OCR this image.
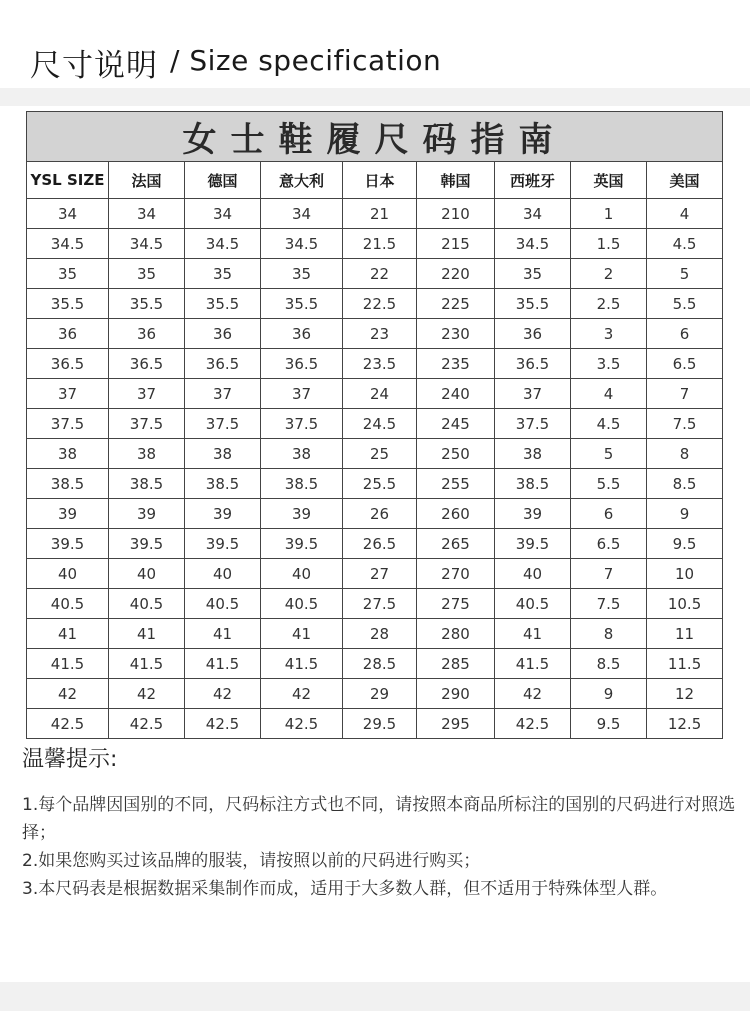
尺寸说明 / Size specification
女士鞋履尺码指南								
YSL SIZE	法国	德国	意大利	日本	韩国	西班牙	英国	美国
34	34	34	34	21	210	34	1	4
34.5	34.5	34.5	34.5	21.5	215	34.5	1.5	4.5
35	35	35	35	22	220	35	2	5
35.5	35.5	35.5	35.5	22.5	225	35.5	2.5	5.5
36	36	36	36	23	230	36	3	6
36.5	36.5	36.5	36.5	23.5	235	36.5	3.5	6.5
37	37	37	37	24	240	37	4	7
37.5	37.5	37.5	37.5	24.5	245	37.5	4.5	7.5
38	38	38	38	25	250	38	5	8
38.5	38.5	38.5	38.5	25.5	255	38.5	5.5	8.5
39	39	39	39	26	260	39	6	9
39.5	39.5	39.5	39.5	26.5	265	39.5	6.5	9.5
40	40	40	40	27	270	40	7	10
40.5	40.5	40.5	40.5	27.5	275	40.5	7.5	10.5
41	41	41	41	28	280	41	8	11
41.5	41.5	41.5	41.5	28.5	285	41.5	8.5	11.5
42	42	42	42	29	290	42	9	12
42.5	42.5	42.5	42.5	29.5	295	42.5	9.5	12.5
温馨提示:

1.每个品牌因国别的不同，尺码标注方式也不同，请按照本商品所标注的国别的尺码进行对照选择；

2.如果您购买过该品牌的服装，请按照以前的尺码进行购买；

3.本尺码表是根据数据采集制作而成，适用于大多数人群，但不适用于特殊体型人群。
